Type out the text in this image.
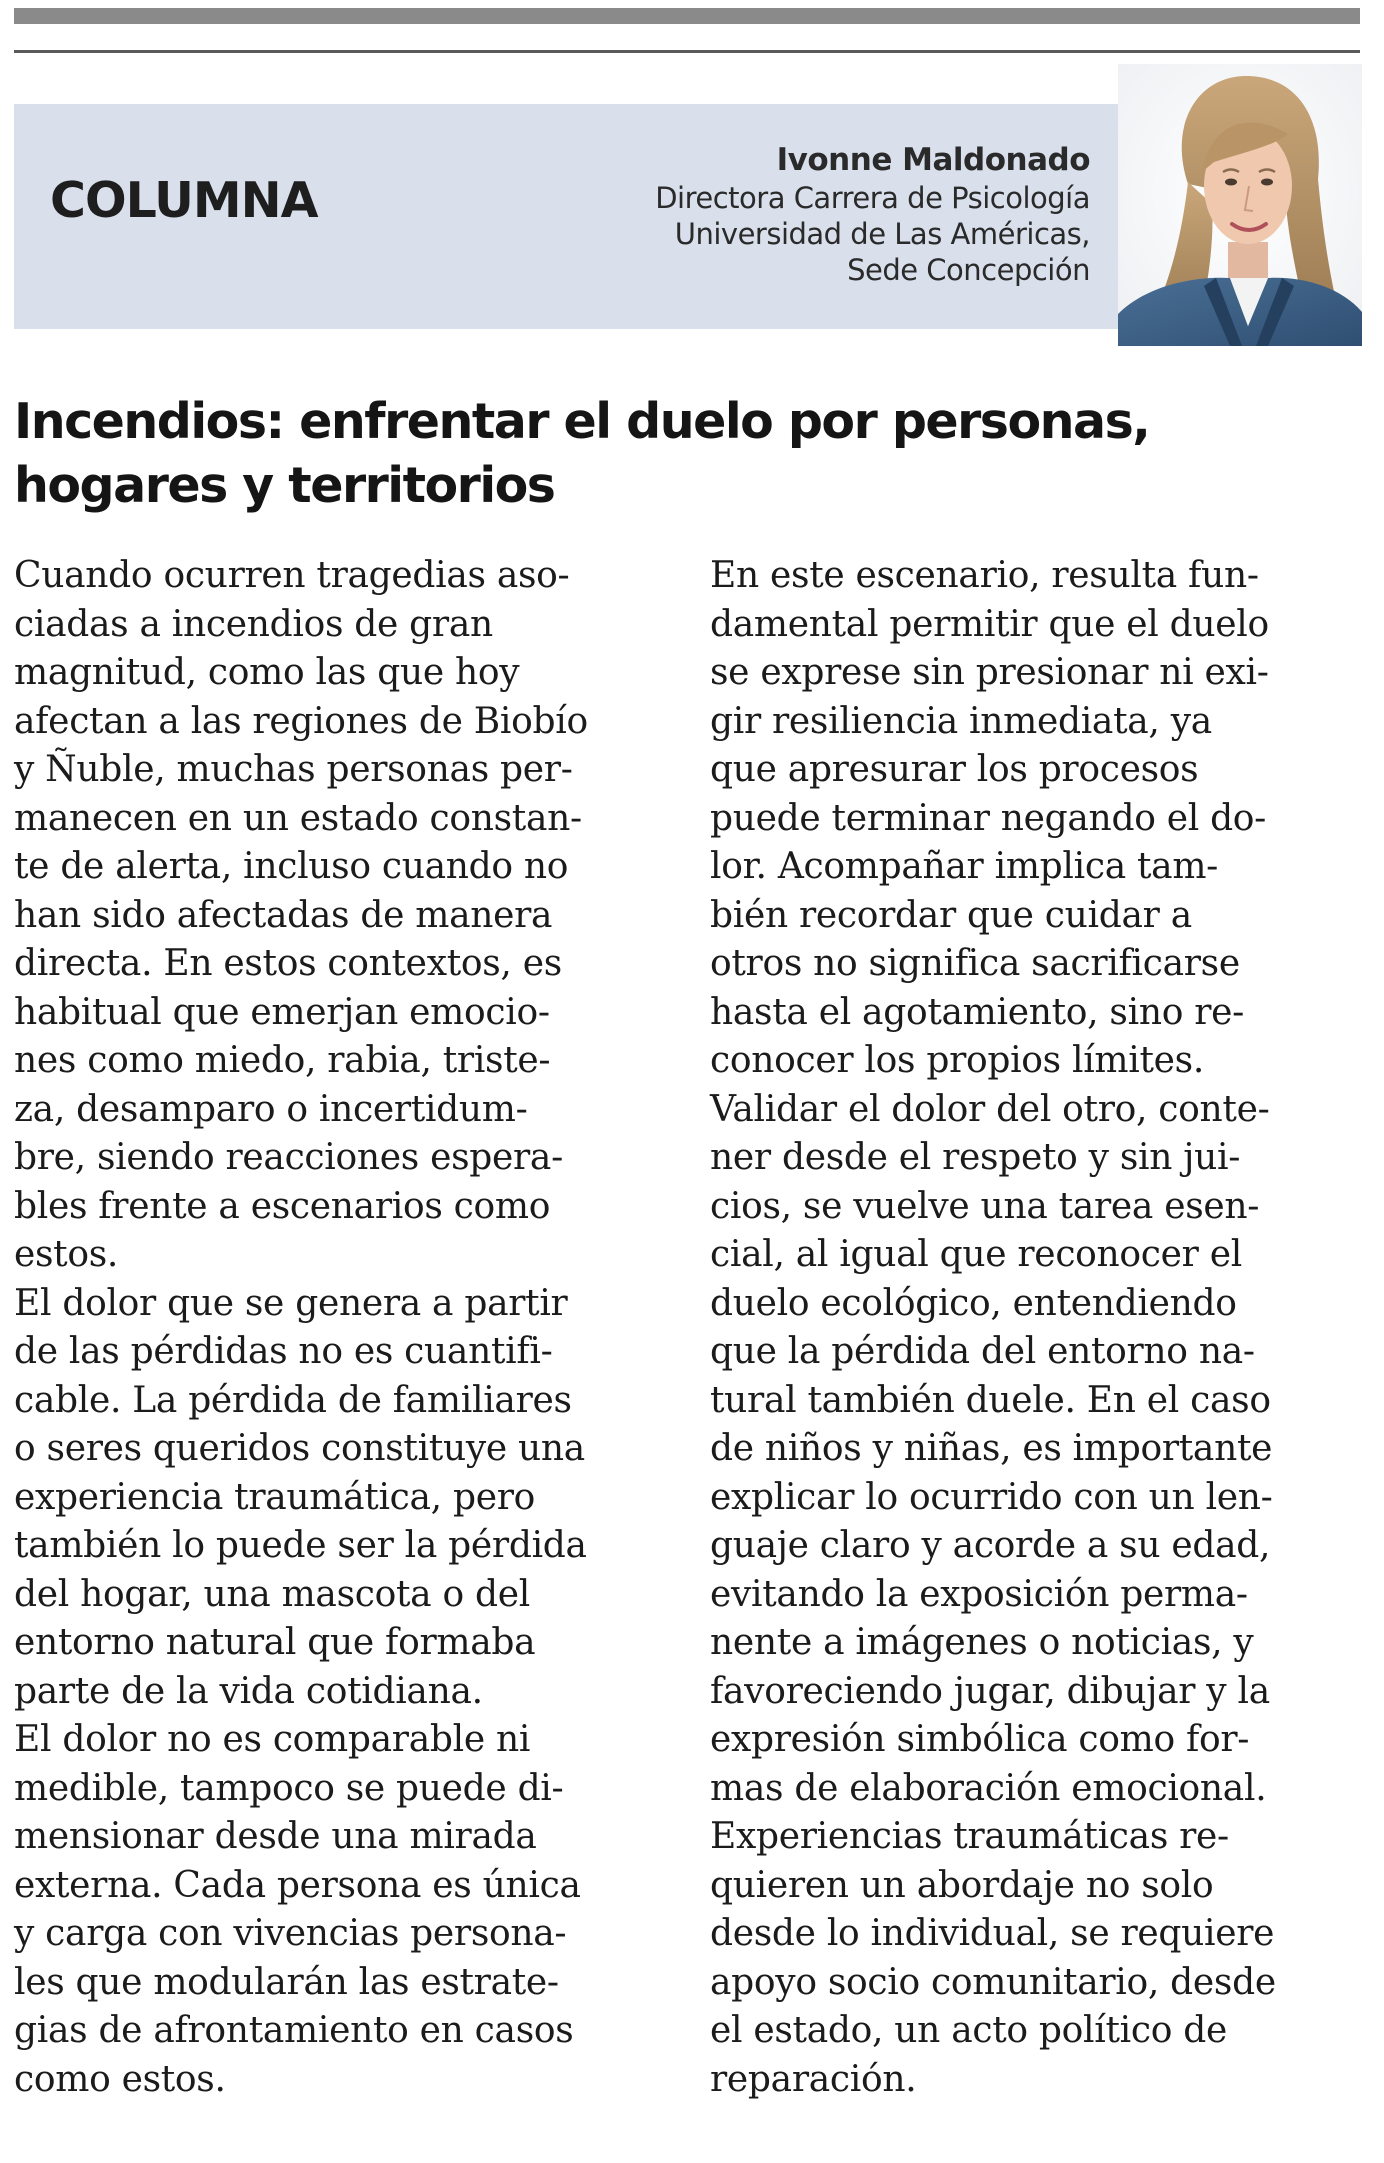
COLUMNA
Ivonne Maldonado
Directora Carrera de Psicología
Universidad de Las Américas,
Sede Concepción
Incendios: enfrentar el duelo por personas,
hogares y territorios

Cuando ocurren tragedias aso-
ciadas a incendios de gran
magnitud, como las que hoy
afectan a las regiones de Biobío
y Ñuble, muchas personas per-
manecen en un estado constan-
te de alerta, incluso cuando no
han sido afectadas de manera
directa. En estos contextos, es
habitual que emerjan emocio-
nes como miedo, rabia, triste-
za, desamparo o incertidum-
bre, siendo reacciones espera-
bles frente a escenarios como
estos.

El dolor que se genera a partir
de las pérdidas no es cuantifi-
cable. La pérdida de familiares
o seres queridos constituye una
experiencia traumática, pero
también lo puede ser la pérdida
del hogar, una mascota o del
entorno natural que formaba
parte de la vida cotidiana.

El dolor no es comparable ni
medible, tampoco se puede di-
mensionar desde una mirada
externa. Cada persona es única
y carga con vivencias persona-
les que modularán las estrate-
gias de afrontamiento en casos
como estos.

En este escenario, resulta fun-
damental permitir que el duelo
se exprese sin presionar ni exi-
gir resiliencia inmediata, ya
que apresurar los procesos
puede terminar negando el do-
lor. Acompañar implica tam-
bién recordar que cuidar a
otros no significa sacrificarse
hasta el agotamiento, sino re-
conocer los propios límites.

Validar el dolor del otro, conte-
ner desde el respeto y sin jui-
cios, se vuelve una tarea esen-
cial, al igual que reconocer el
duelo ecológico, entendiendo
que la pérdida del entorno na-
tural también duele. En el caso
de niños y niñas, es importante
explicar lo ocurrido con un len-
guaje claro y acorde a su edad,
evitando la exposición perma-
nente a imágenes o noticias, y
favoreciendo jugar, dibujar y la
expresión simbólica como for-
mas de elaboración emocional.

Experiencias traumáticas re-
quieren un abordaje no solo
desde lo individual, se requiere
apoyo socio comunitario, desde
el estado, un acto político de
reparación.
